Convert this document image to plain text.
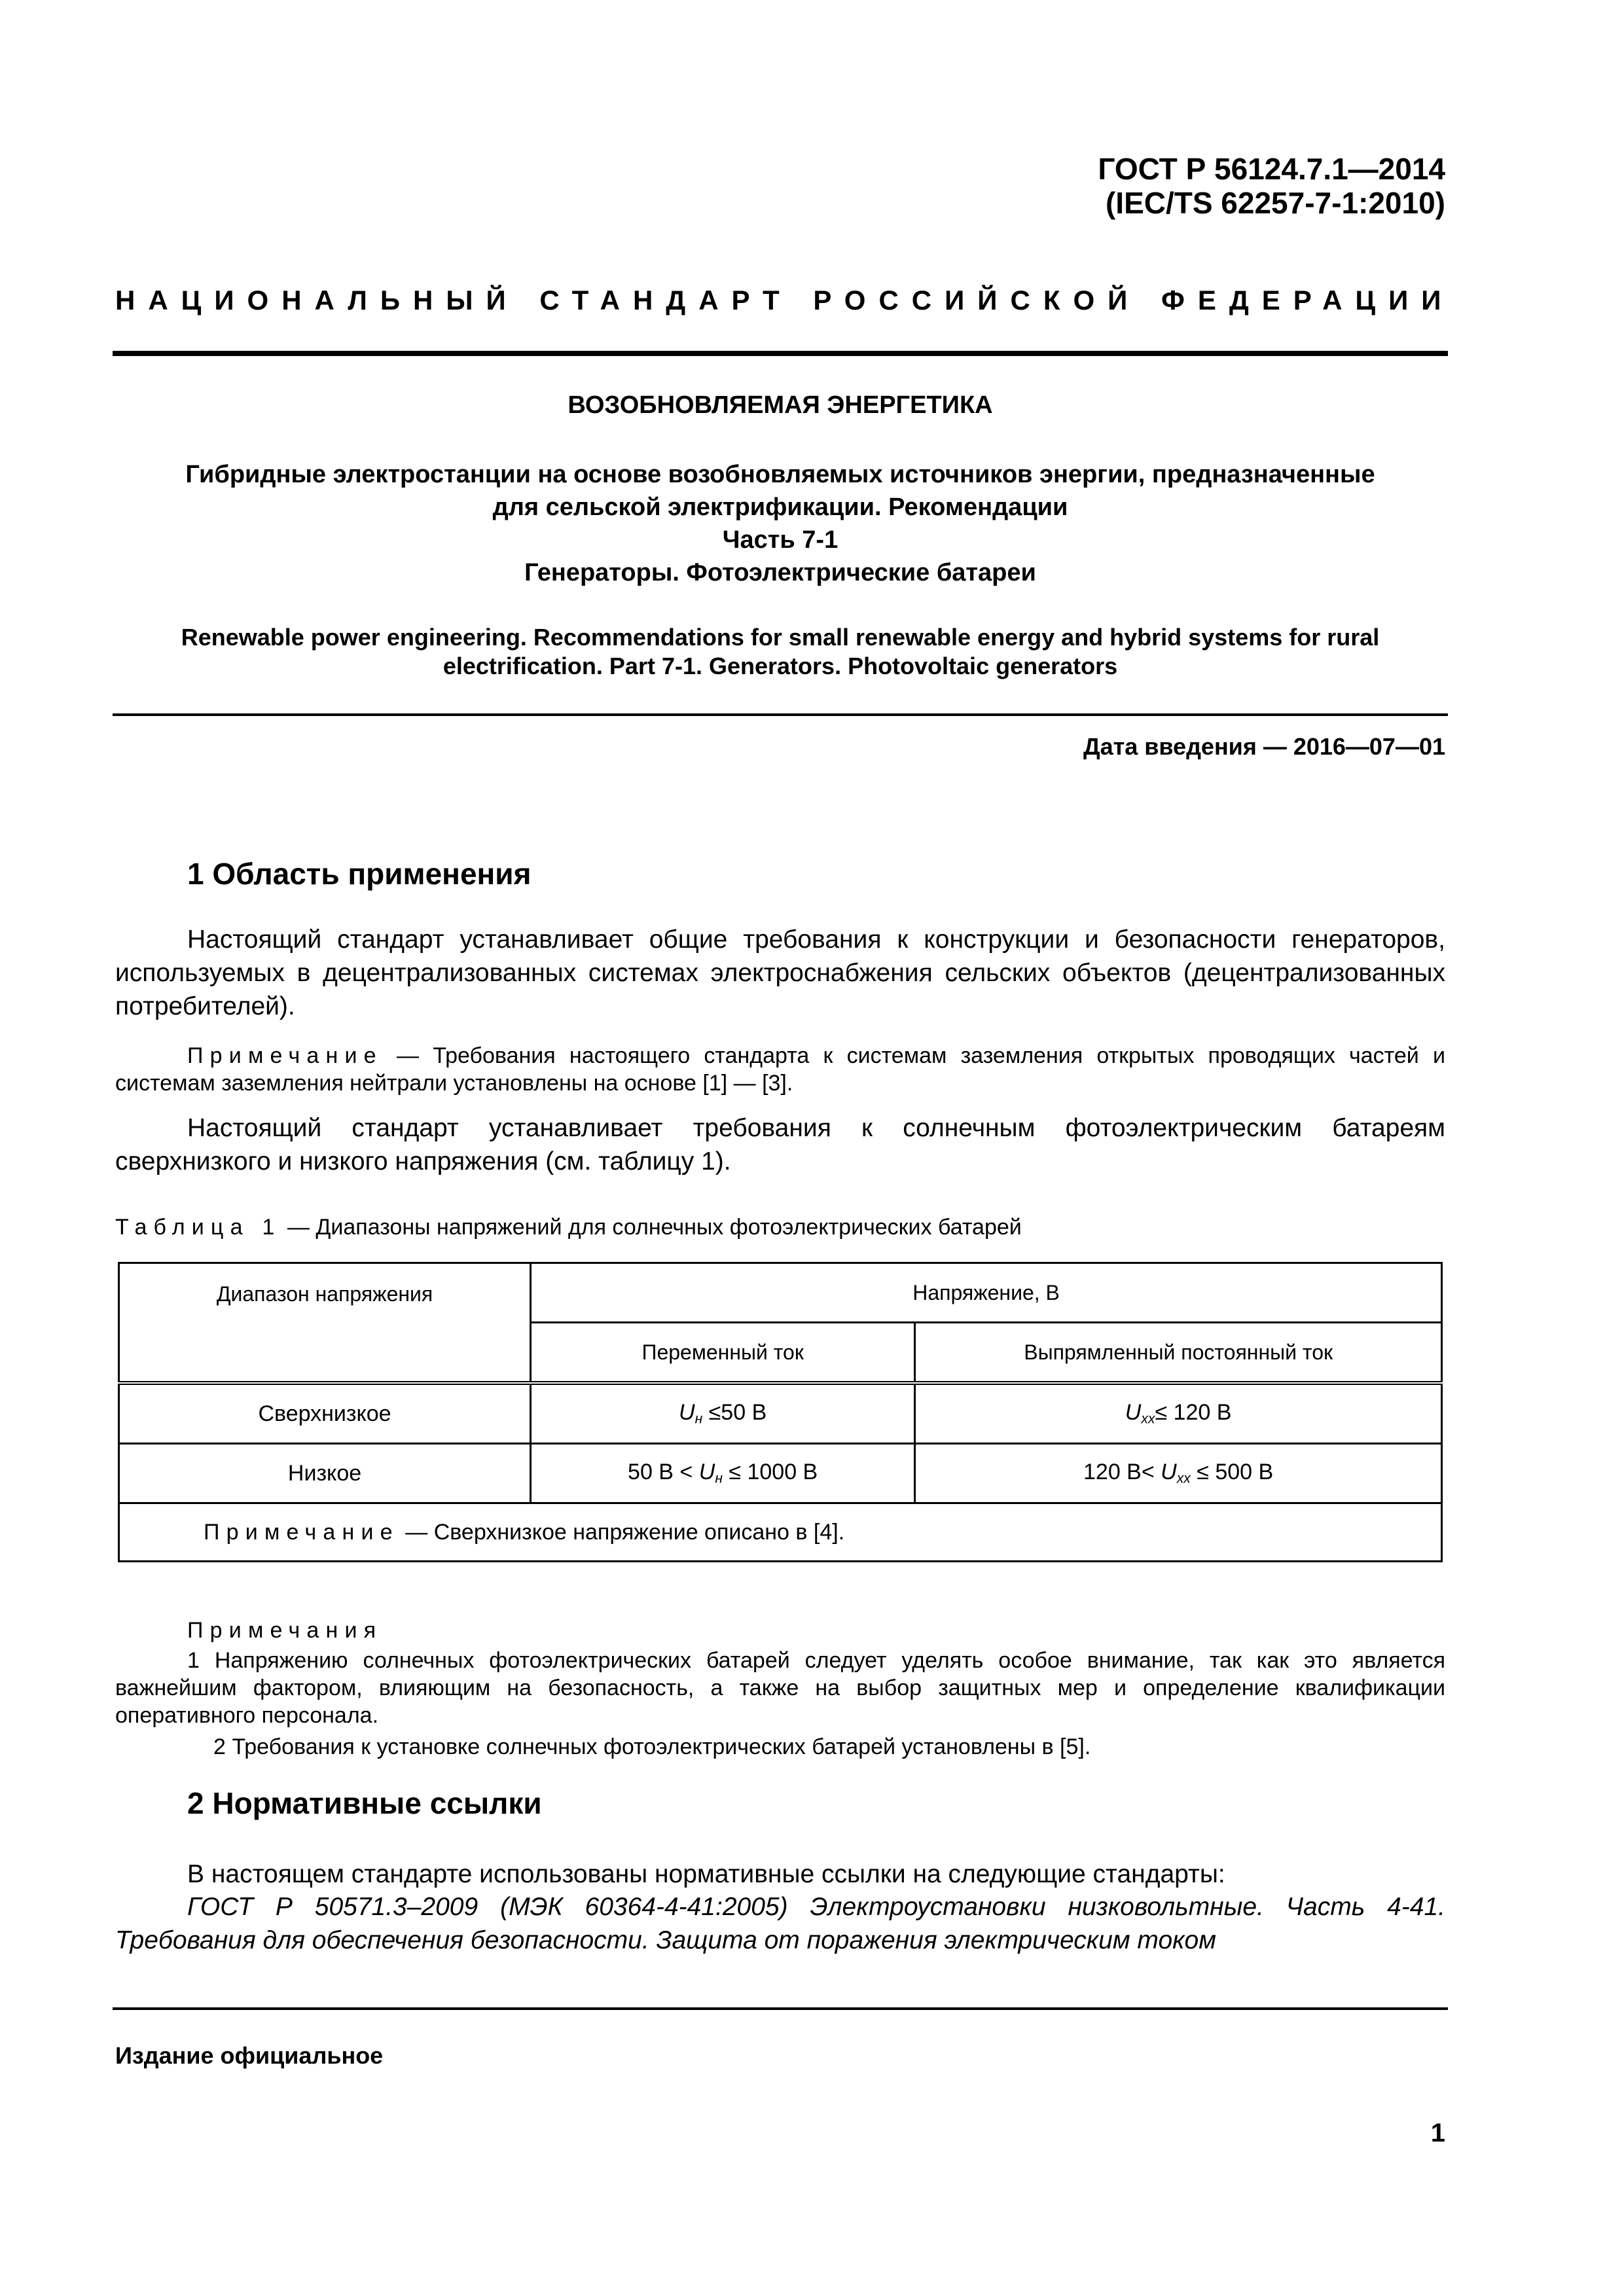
ГОСТ Р 56124.7.1—2014
(IEC/TS 62257-7-1:2010)
НАЦИОНАЛЬНЫЙ СТАНДАРТ РОССИЙСКОЙ ФЕДЕРАЦИИ
ВОЗОБНОВЛЯЕМАЯ ЭНЕРГЕТИКА
Гибридные электростанции на основе возобновляемых источников энергии, предназначенные
для сельской электрификации. Рекомендации
Часть 7-1
Генераторы. Фотоэлектрические батареи
Renewable power engineering. Recommendations for small renewable energy and hybrid systems for rural
electrification. Part 7-1. Generators. Photovoltaic generators
Дата введения — 2016—07—01
1 Область применения
Настоящий стандарт устанавливает общие требования к конструкции и безопасности генераторов, используемых в децентрализованных системах электроснабжения сельских объектов (децентрализованных потребителей).
Примечание — Требования настоящего стандарта к системам заземления открытых проводящих частей и системам заземления нейтрали установлены на основе [1] — [3].
Настоящий стандарт устанавливает требования к солнечным фотоэлектрическим батареям сверхнизкого и низкого напряжения (см. таблицу 1).
Таблица 1 — Диапазоны напряжений для солнечных фотоэлектрических батарей
Диапазон напряжения	Напряжение, В	
	Переменный ток	Выпрямленный постоянный ток
Сверхнизкое	$U_н \le 50$ В	$U_{хх}\le 120$ В
Низкое	50 $В < U_н \le 1000$ В	120 $В< U_{хх} \le 500$ В
Примечание — Сверхнизкое напряжение описано в [4].		
Примечания
1 Напряжению солнечных фотоэлектрических батарей следует уделять особое внимание, так как это является важнейшим фактором, влияющим на безопасность, а также на выбор защитных мер и определение квалификации оперативного персонала.
2 Требования к установке солнечных фотоэлектрических батарей установлены в [5].
2 Нормативные ссылки
В настоящем стандарте использованы нормативные ссылки на следующие стандарты:
ГОСТ Р 50571.3–2009 (МЭК 60364-4-41:2005) Электроустановки низковольтные. Часть 4-41. Требования для обеспечения безопасности. Защита от поражения электрическим током
Издание официальное
1
